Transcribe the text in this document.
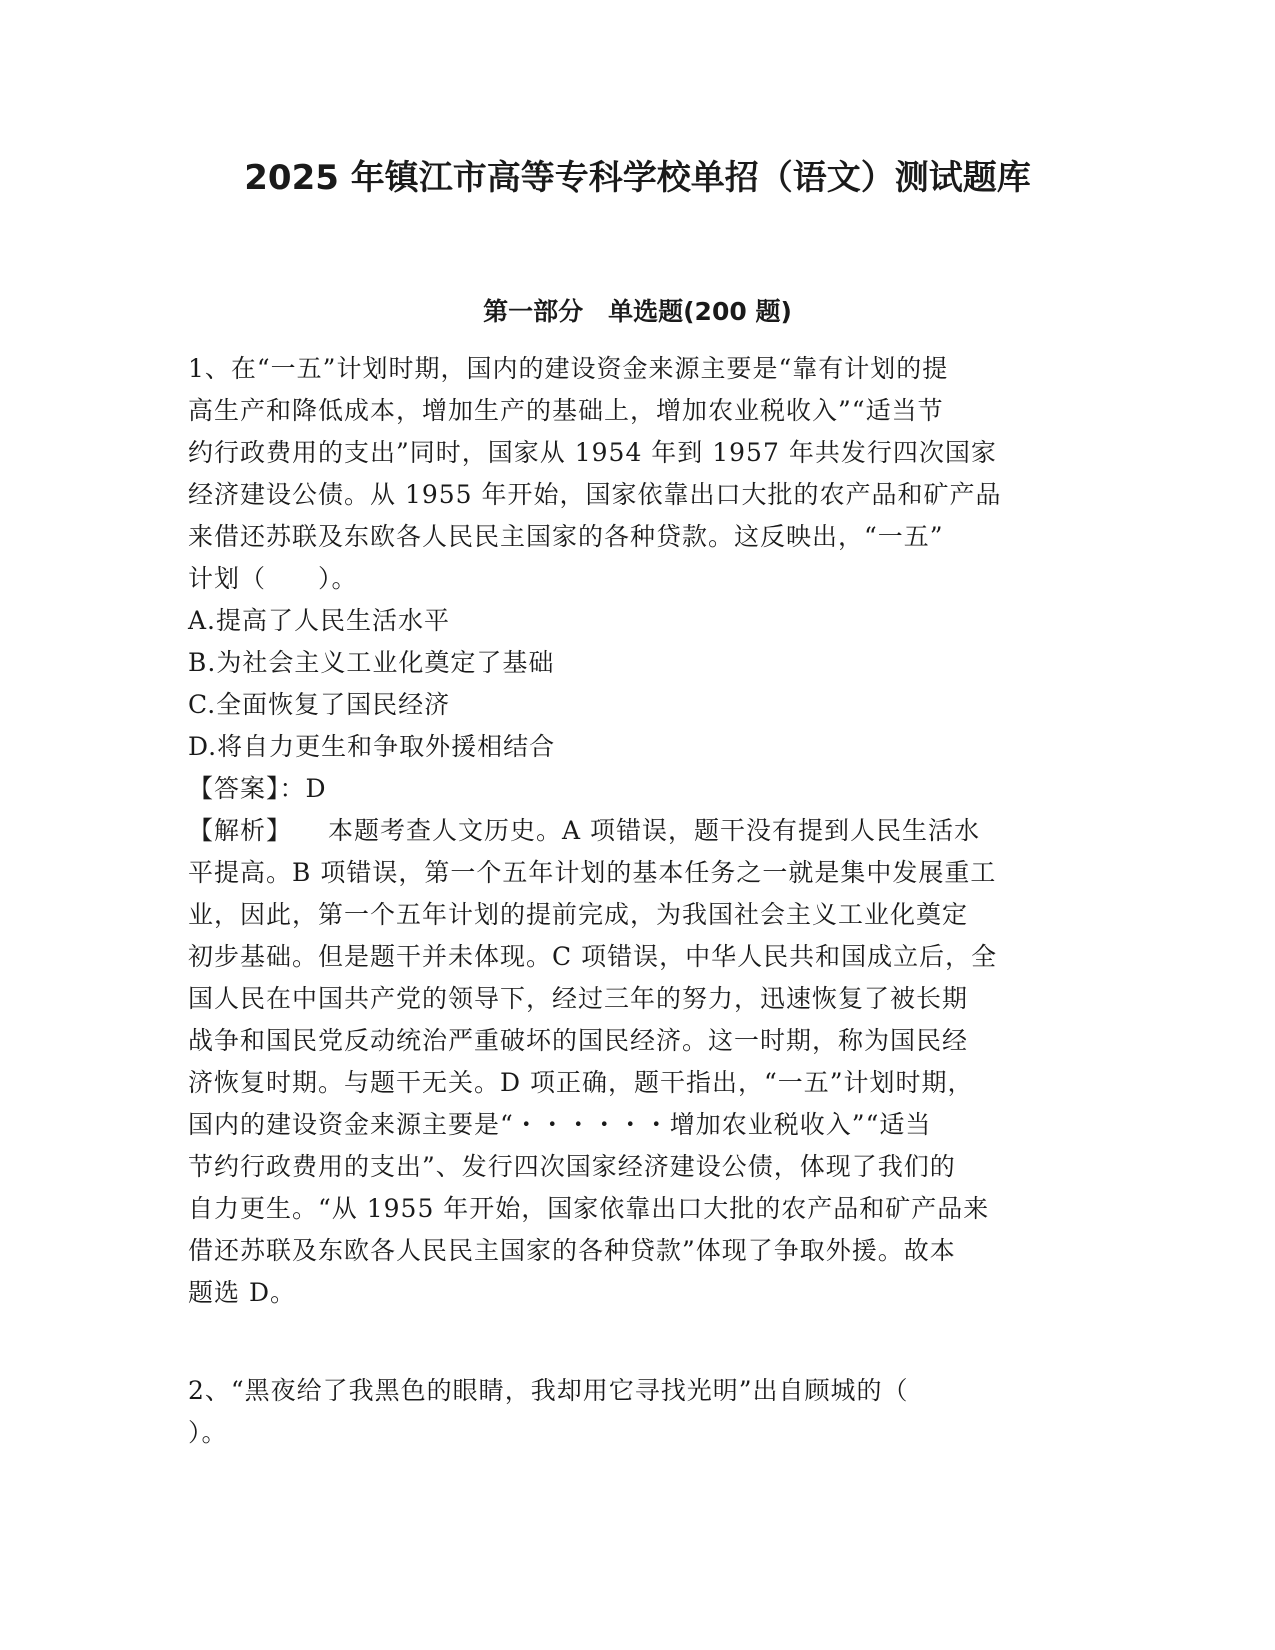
2025 年镇江市高等专科学校单招（语文）测试题库
第一部分　单选题(200 题)

1、在“一五”计划时期，国内的建设资金来源主要是“靠有计划的提

高生产和降低成本，增加生产的基础上，增加农业税收入”“适当节

约行政费用的支出”同时，国家从 1954 年到 1957 年共发行四次国家

经济建设公债。从 1955 年开始，国家依靠出口大批的农产品和矿产品

来借还苏联及东欧各人民民主国家的各种贷款。这反映出，“一五”

计划（　　）。

A.提高了人民生活水平

B.为社会主义工业化奠定了基础

C.全面恢复了国民经济

D.将自力更生和争取外援相结合

【答案】：D

【解析】 本题考查人文历史。A 项错误，题干没有提到人民生活水

平提高。B 项错误，第一个五年计划的基本任务之一就是集中发展重工

业，因此，第一个五年计划的提前完成，为我国社会主义工业化奠定

初步基础。但是题干并未体现。C 项错误，中华人民共和国成立后，全

国人民在中国共产党的领导下，经过三年的努力，迅速恢复了被长期

战争和国民党反动统治严重破坏的国民经济。这一时期，称为国民经

济恢复时期。与题干无关。D 项正确，题干指出，“一五”计划时期，

国内的建设资金来源主要是“・・・・・・增加农业税收入”“适当

节约行政费用的支出”、发行四次国家经济建设公债，体现了我们的

自力更生。“从 1955 年开始，国家依靠出口大批的农产品和矿产品来

借还苏联及东欧各人民民主国家的各种贷款”体现了争取外援。故本

题选 D。

2、“黑夜给了我黑色的眼睛，我却用它寻找光明”出自顾城的（

）。
